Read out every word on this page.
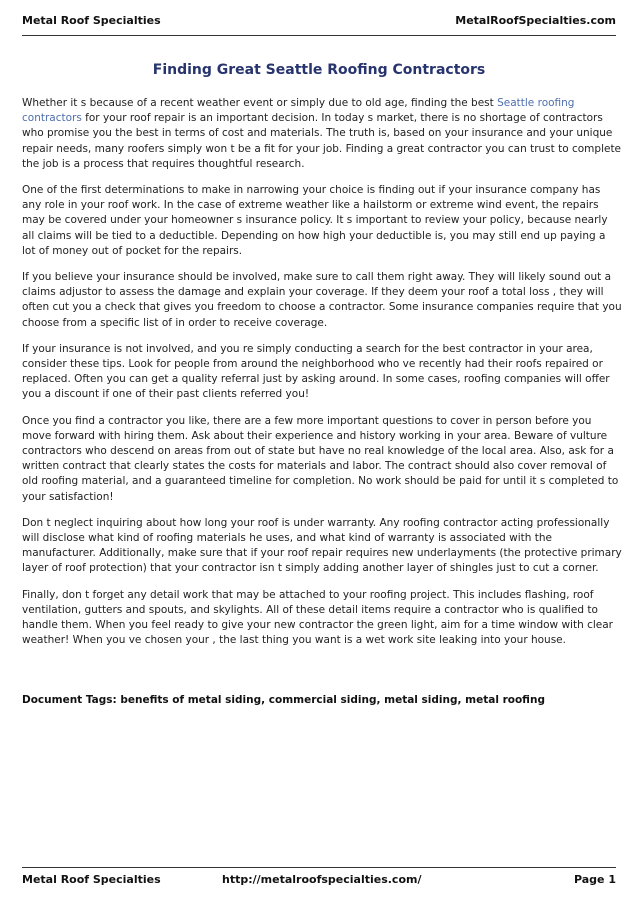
Metal Roof Specialties	MetalRoofSpecialties.com
Finding Great Seattle Roofing Contractors

Whether it s because of a recent weather event or simply due to old age, finding the best Seattle roofing contractors for your roof repair is an important decision. In today s market, there is no shortage of contractors who promise you the best in terms of cost and materials. The truth is, based on your insurance and your unique repair needs, many roofers simply won t be a fit for your job. Finding a great contractor you can trust to complete the job is a process that requires thoughtful research.

One of the first determinations to make in narrowing your choice is finding out if your insurance company has any role in your roof work. In the case of extreme weather like a hailstorm or extreme wind event, the repairs may be covered under your homeowner s insurance policy. It s important to review your policy, because nearly all claims will be tied to a deductible. Depending on how high your deductible is, you may still end up paying a lot of money out of pocket for the repairs.

If you believe your insurance should be involved, make sure to call them right away. They will likely sound out a claims adjustor to assess the damage and explain your coverage. If they deem your roof a total loss , they will often cut you a check that gives you freedom to choose a contractor. Some insurance companies require that you choose from a specific list of in order to receive coverage.

If your insurance is not involved, and you re simply conducting a search for the best contractor in your area, consider these tips. Look for people from around the neighborhood who ve recently had their roofs repaired or replaced. Often you can get a quality referral just by asking around. In some cases, roofing companies will offer you a discount if one of their past clients referred you!

Once you find a contractor you like, there are a few more important questions to cover in person before you move forward with hiring them. Ask about their experience and history working in your area. Beware of vulture contractors who descend on areas from out of state but have no real knowledge of the local area. Also, ask for a written contract that clearly states the costs for materials and labor. The contract should also cover removal of old roofing material, and a guaranteed timeline for completion. No work should be paid for until it s completed to your satisfaction!

Don t neglect inquiring about how long your roof is under warranty. Any roofing contractor acting professionally will disclose what kind of roofing materials he uses, and what kind of warranty is associated with the manufacturer. Additionally, make sure that if your roof repair requires new underlayments (the protective primary layer of roof protection) that your contractor isn t simply adding another layer of shingles just to cut a corner.

Finally, don t forget any detail work that may be attached to your roofing project. This includes flashing, roof ventilation, gutters and spouts, and skylights. All of these detail items require a contractor who is qualified to handle them. When you feel ready to give your new contractor the green light, aim for a time window with clear weather! When you ve chosen your , the last thing you want is a wet work site leaking into your house.

Document Tags: benefits of metal siding, commercial siding, metal siding, metal roofing
Metal Roof Specialties	http://metalroofspecialties.com/	Page 1
